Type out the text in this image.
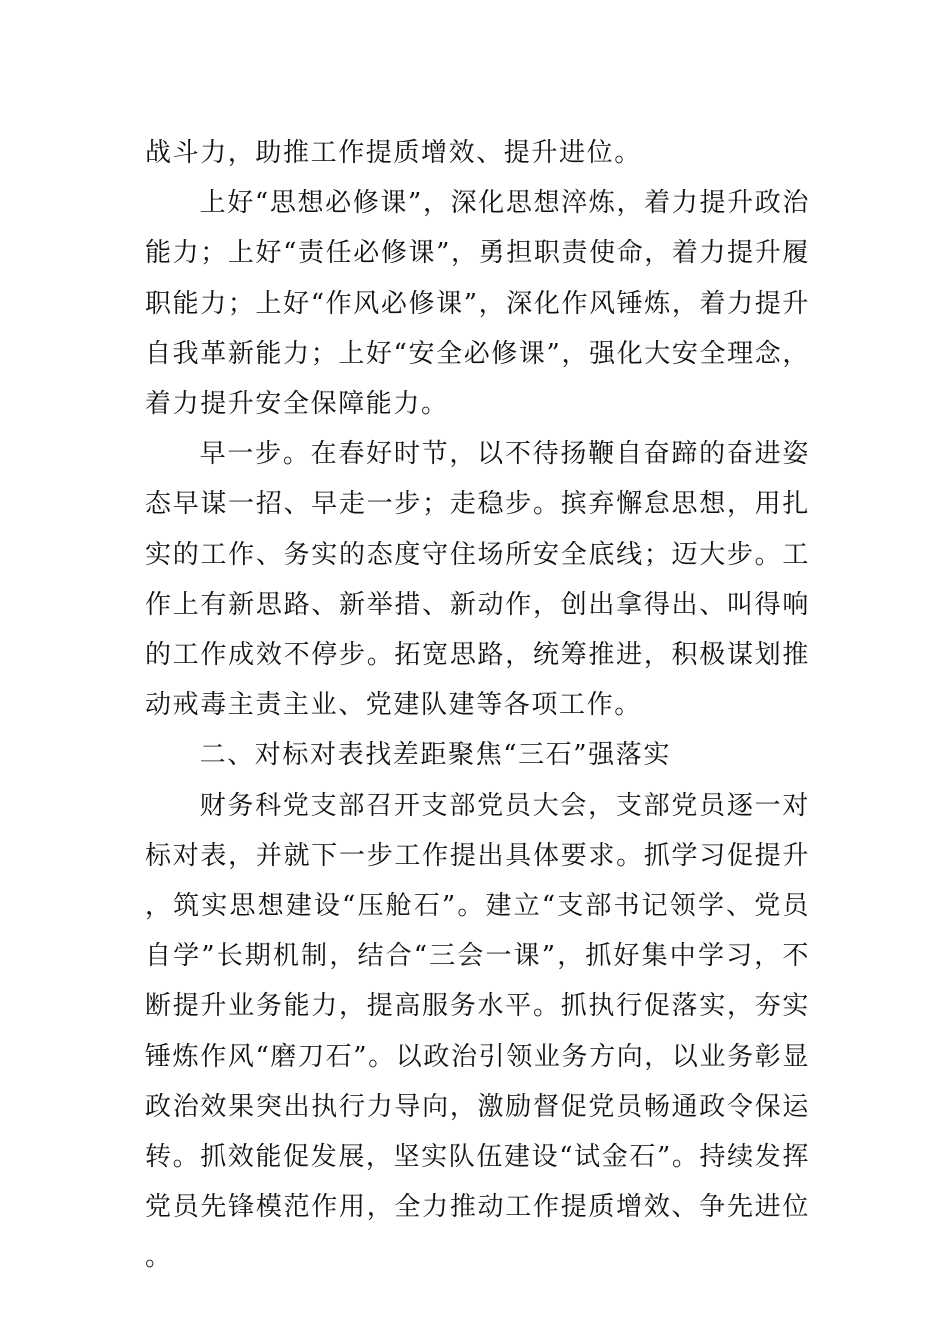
战斗力，助推工作提质增效、提升进位。

上好“思想必修课”，深化思想淬炼，着力提升政治能力；上好“责任必修课”，勇担职责使命，着力提升履职能力；上好“作风必修课”，深化作风锤炼，着力提升自我革新能力；上好“安全必修课”，强化大安全理念，着力提升安全保障能力。

早一步。在春好时节，以不待扬鞭自奋蹄的奋进姿态早谋一招、早走一步；走稳步。摈弃懈怠思想，用扎实的工作、务实的态度守住场所安全底线；迈大步。工作上有新思路、新举措、新动作，创出拿得出、叫得响的工作成效不停步。拓宽思路，统筹推进，积极谋划推动戒毒主责主业、党建队建等各项工作。

二、对标对表找差距聚焦“三石”强落实

财务科党支部召开支部党员大会，支部党员逐一对标对表，并就下一步工作提出具体要求。抓学习促提升，筑实思想建设“压舱石”。建立“支部书记领学、党员自学”长期机制，结合“三会一课”，抓好集中学习，不断提升业务能力，提高服务水平。抓执行促落实，夯实锤炼作风“磨刀石”。以政治引领业务方向，以业务彰显政治效果突出执行力导向，激励督促党员畅通政令保运转。抓效能促发展，坚实队伍建设“试金石”。持续发挥党员先锋模范作用，全力推动工作提质增效、争先进位。
